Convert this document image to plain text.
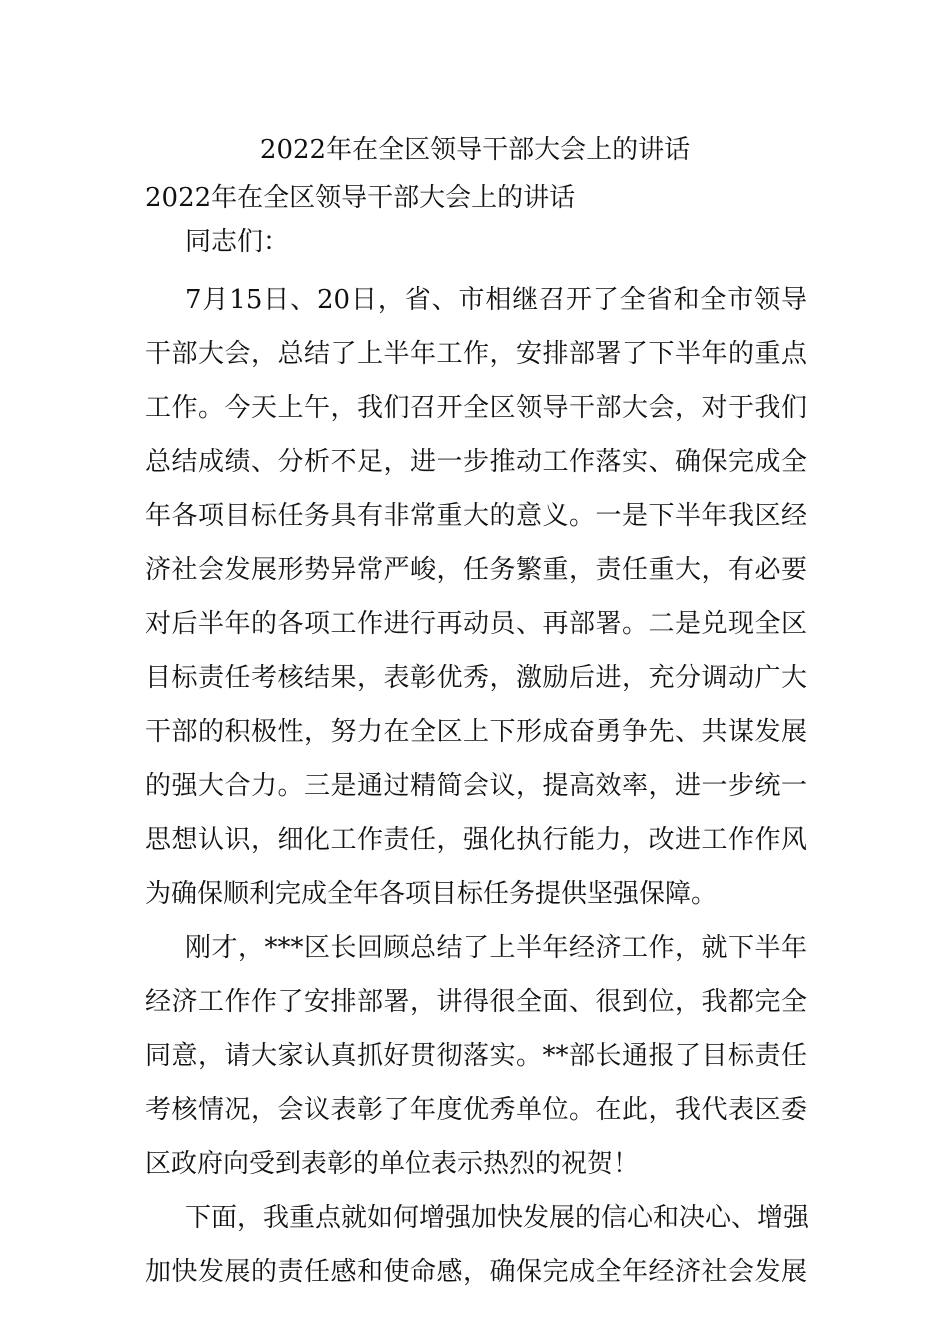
2022年在全区领导干部大会上的讲话
2022年在全区领导干部大会上的讲话
同志们：
7月15日、20日，省、市相继召开了全省和全市领导
干部大会，总结了上半年工作，安排部署了下半年的重点
工作。今天上午，我们召开全区领导干部大会，对于我们
总结成绩、分析不足，进一步推动工作落实、确保完成全
年各项目标任务具有非常重大的意义。一是下半年我区经
济社会发展形势异常严峻，任务繁重，责任重大，有必要
对后半年的各项工作进行再动员、再部署。二是兑现全区
目标责任考核结果，表彰优秀，激励后进，充分调动广大
干部的积极性，努力在全区上下形成奋勇争先、共谋发展
的强大合力。三是通过精简会议，提高效率，进一步统一
思想认识，细化工作责任，强化执行能力，改进工作作风
为确保顺利完成全年各项目标任务提供坚强保障。
刚才，***区长回顾总结了上半年经济工作，就下半年
经济工作作了安排部署，讲得很全面、很到位，我都完全
同意，请大家认真抓好贯彻落实。**部长通报了目标责任
考核情况，会议表彰了年度优秀单位。在此，我代表区委
区政府向受到表彰的单位表示热烈的祝贺！
下面，我重点就如何增强加快发展的信心和决心、增强
加快发展的责任感和使命感，确保完成全年经济社会发展
